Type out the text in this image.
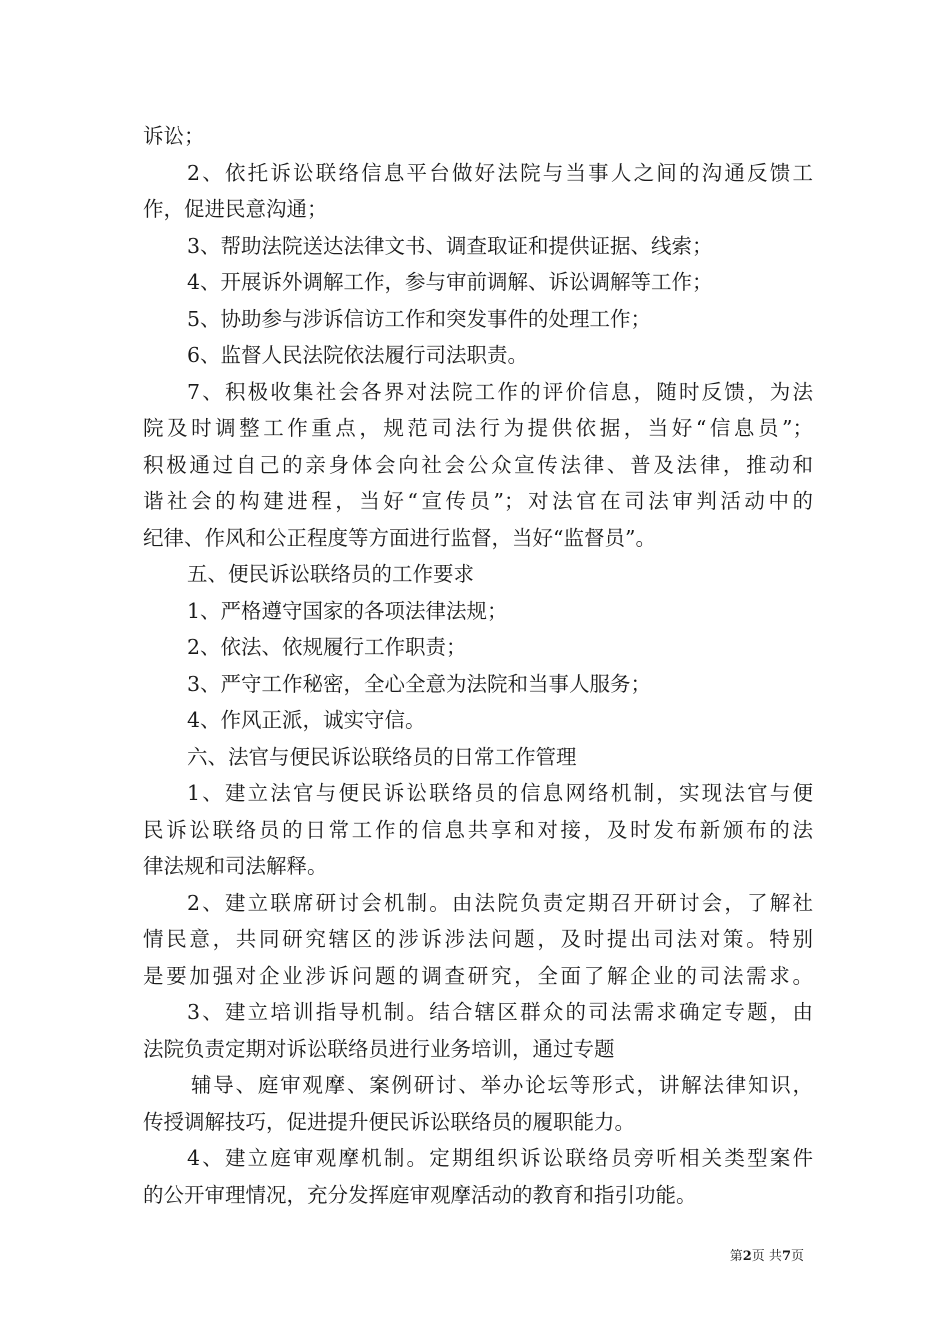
诉讼；
2、依托诉讼联络信息平台做好法院与当事人之间的沟通反馈工
作，促进民意沟通；
3、帮助法院送达法律文书、调查取证和提供证据、线索；
4、开展诉外调解工作，参与审前调解、诉讼调解等工作；
5、协助参与涉诉信访工作和突发事件的处理工作；
6、监督人民法院依法履行司法职责。
7、积极收集社会各界对法院工作的评价信息，随时反馈，为法
院及时调整工作重点，规范司法行为提供依据，当好“信息员”；
积极通过自己的亲身体会向社会公众宣传法律、普及法律，推动和
谐社会的构建进程，当好“宣传员”；对法官在司法审判活动中的
纪律、作风和公正程度等方面进行监督，当好“监督员”。
五、便民诉讼联络员的工作要求
1、严格遵守国家的各项法律法规；
2、依法、依规履行工作职责；
3、严守工作秘密，全心全意为法院和当事人服务；
4、作风正派，诚实守信。
六、法官与便民诉讼联络员的日常工作管理
1、建立法官与便民诉讼联络员的信息网络机制，实现法官与便
民诉讼联络员的日常工作的信息共享和对接，及时发布新颁布的法
律法规和司法解释。
2、建立联席研讨会机制。由法院负责定期召开研讨会，了解社
情民意，共同研究辖区的涉诉涉法问题，及时提出司法对策。特别
是要加强对企业涉诉问题的调查研究，全面了解企业的司法需求。
3、建立培训指导机制。结合辖区群众的司法需求确定专题，由
法院负责定期对诉讼联络员进行业务培训，通过专题
辅导、庭审观摩、案例研讨、举办论坛等形式，讲解法律知识，
传授调解技巧，促进提升便民诉讼联络员的履职能力。
4、建立庭审观摩机制。定期组织诉讼联络员旁听相关类型案件
的公开审理情况，充分发挥庭审观摩活动的教育和指引功能。
第2页 共7页
